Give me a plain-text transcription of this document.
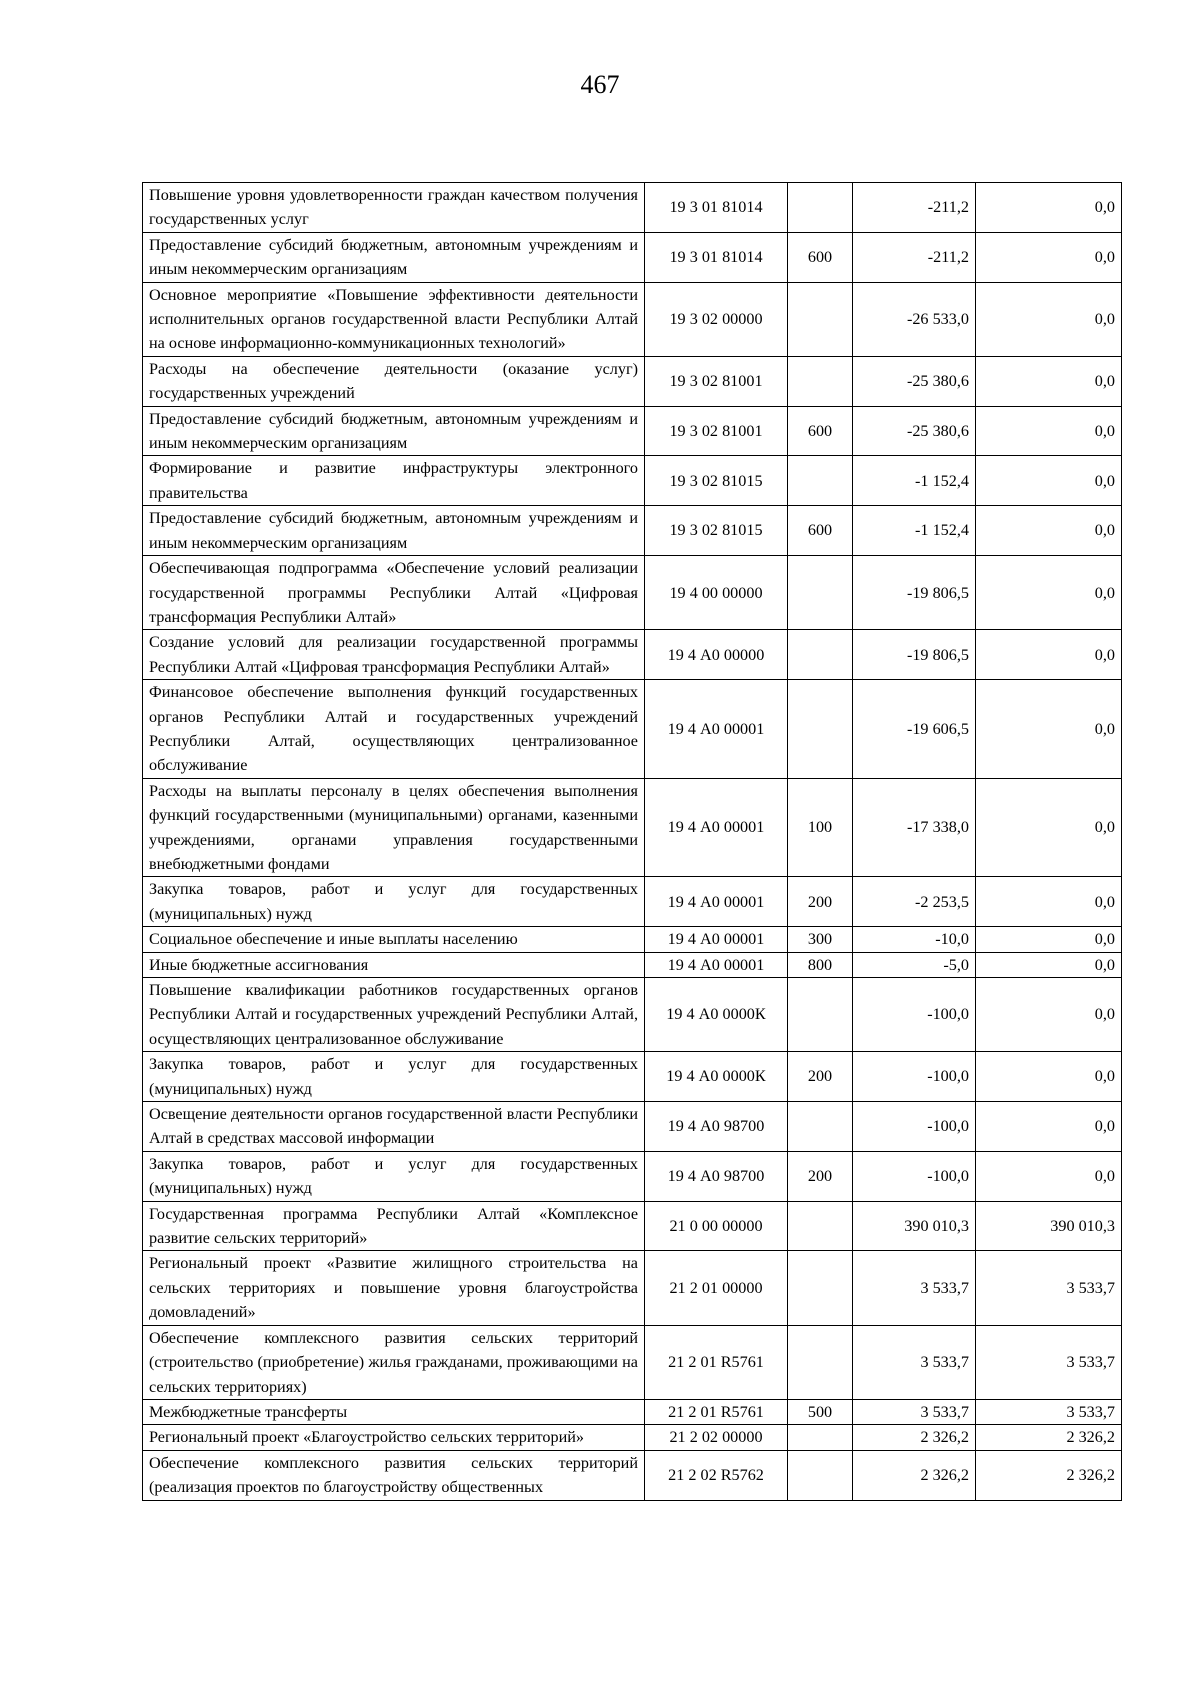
467
Повышение уровня удовлетворенности граждан качеством получения государственных услуг	19 3 01 81014		-211,2	0,0
Предоставление субсидий бюджетным, автономным учреждениям и иным некоммерческим организациям	19 3 01 81014	600	-211,2	0,0
Основное мероприятие «Повышение эффективности деятельности исполнительных органов государственной власти Республики Алтай на основе информационно-коммуникационных технологий»	19 3 02 00000		-26 533,0	0,0
Расходы на обеспечение деятельности (оказание услуг) государственных учреждений	19 3 02 81001		-25 380,6	0,0
Предоставление субсидий бюджетным, автономным учреждениям и иным некоммерческим организациям	19 3 02 81001	600	-25 380,6	0,0
Формирование и развитие инфраструктуры электронного правительства	19 3 02 81015		-1 152,4	0,0
Предоставление субсидий бюджетным, автономным учреждениям и иным некоммерческим организациям	19 3 02 81015	600	-1 152,4	0,0
Обеспечивающая подпрограмма «Обеспечение условий реализации государственной программы Республики Алтай «Цифровая трансформация Республики Алтай»	19 4 00 00000		-19 806,5	0,0
Создание условий для реализации государственной программы Республики Алтай «Цифровая трансформация Республики Алтай»	19 4 А0 00000		-19 806,5	0,0
Финансовое обеспечение выполнения функций государственных органов Республики Алтай и государственных учреждений Республики Алтай, осуществляющих централизованное обслуживание	19 4 А0 00001		-19 606,5	0,0
Расходы на выплаты персоналу в целях обеспечения выполнения функций государственными (муниципальными) органами, казенными учреждениями, органами управления государственными внебюджетными фондами	19 4 А0 00001	100	-17 338,0	0,0
Закупка товаров, работ и услуг для государственных (муниципальных) нужд	19 4 А0 00001	200	-2 253,5	0,0
Социальное обеспечение и иные выплаты населению	19 4 А0 00001	300	-10,0	0,0
Иные бюджетные ассигнования	19 4 А0 00001	800	-5,0	0,0
Повышение квалификации работников государственных органов Республики Алтай и государственных учреждений Республики Алтай, осуществляющих централизованное обслуживание	19 4 А0 0000К		-100,0	0,0
Закупка товаров, работ и услуг для государственных (муниципальных) нужд	19 4 А0 0000К	200	-100,0	0,0
Освещение деятельности органов государственной власти Республики Алтай в средствах массовой информации	19 4 А0 98700		-100,0	0,0
Закупка товаров, работ и услуг для государственных (муниципальных) нужд	19 4 А0 98700	200	-100,0	0,0
Государственная программа Республики Алтай «Комплексное развитие сельских территорий»	21 0 00 00000		390 010,3	390 010,3
Региональный проект «Развитие жилищного строительства на сельских территориях и повышение уровня благоустройства домовладений»	21 2 01 00000		3 533,7	3 533,7
Обеспечение комплексного развития сельских территорий (строительство (приобретение) жилья гражданами, проживающими на сельских территориях)	21 2 01 R5761		3 533,7	3 533,7
Межбюджетные трансферты	21 2 01 R5761	500	3 533,7	3 533,7
Региональный проект «Благоустройство сельских территорий»	21 2 02 00000		2 326,2	2 326,2
Обеспечение комплексного развития сельских территорий (реализация проектов по благоустройству общественных	21 2 02 R5762		2 326,2	2 326,2
